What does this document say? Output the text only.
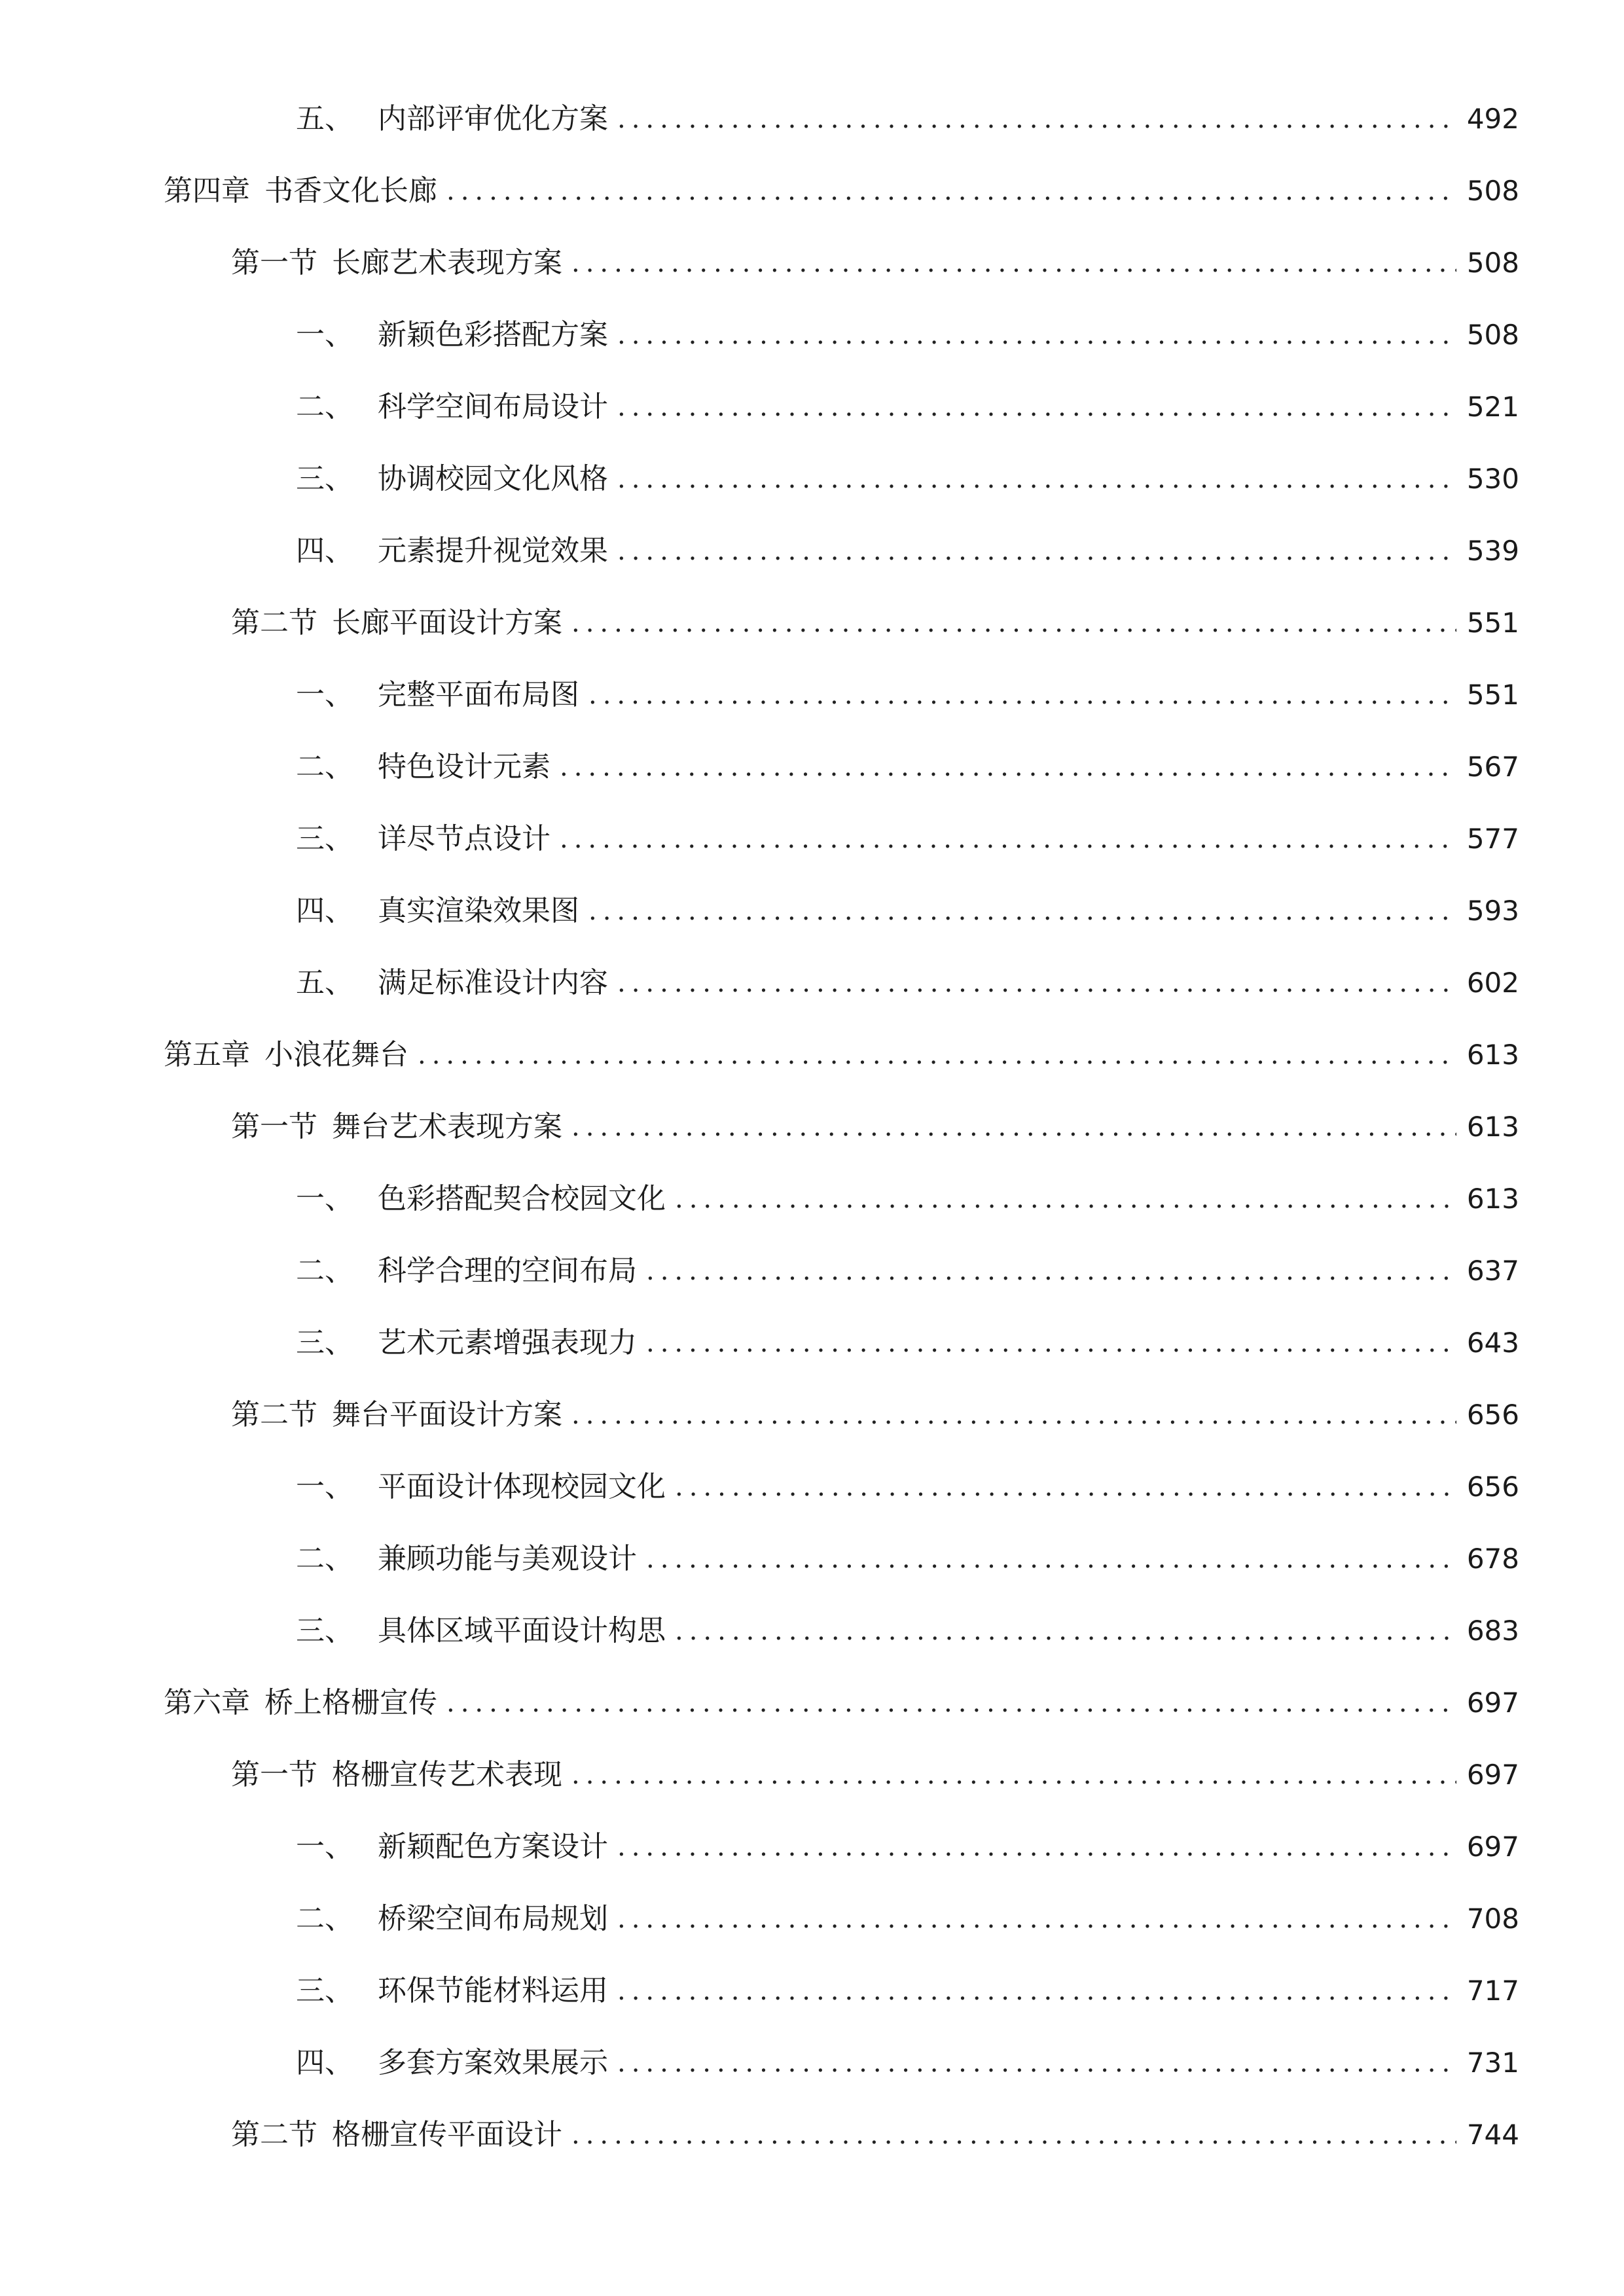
五、 内部评审优化方案 .....	492
第四章 书香文化长廊 .....	508
第一节 长廊艺术表现方案 .....	508
一、 新颖色彩搭配方案 .....	508
二、 科学空间布局设计 .....	521
三、 协调校园文化风格 .....	530
四、 元素提升视觉效果 .....	539
第二节 长廊平面设计方案 .....	551
一、 完整平面布局图 .....	551
二、 特色设计元素 .....	567
三、 详尽节点设计 .....	577
四、 真实渲染效果图 .....	593
五、 满足标准设计内容 .....	602
第五章 小浪花舞台 .....	613
第一节 舞台艺术表现方案 .....	613
一、 色彩搭配契合校园文化 .....	613
二、 科学合理的空间布局 .....	637
三、 艺术元素增强表现力 .....	643
第二节 舞台平面设计方案 .....	656
一、 平面设计体现校园文化 .....	656
二、 兼顾功能与美观设计 .....	678
三、 具体区域平面设计构思 .....	683
第六章 桥上格栅宣传 .....	697
第一节 格栅宣传艺术表现 .....	697
一、 新颖配色方案设计 .....	697
二、 桥梁空间布局规划 .....	708
三、 环保节能材料运用 .....	717
四、 多套方案效果展示 .....	731
第二节 格栅宣传平面设计 .....	744
